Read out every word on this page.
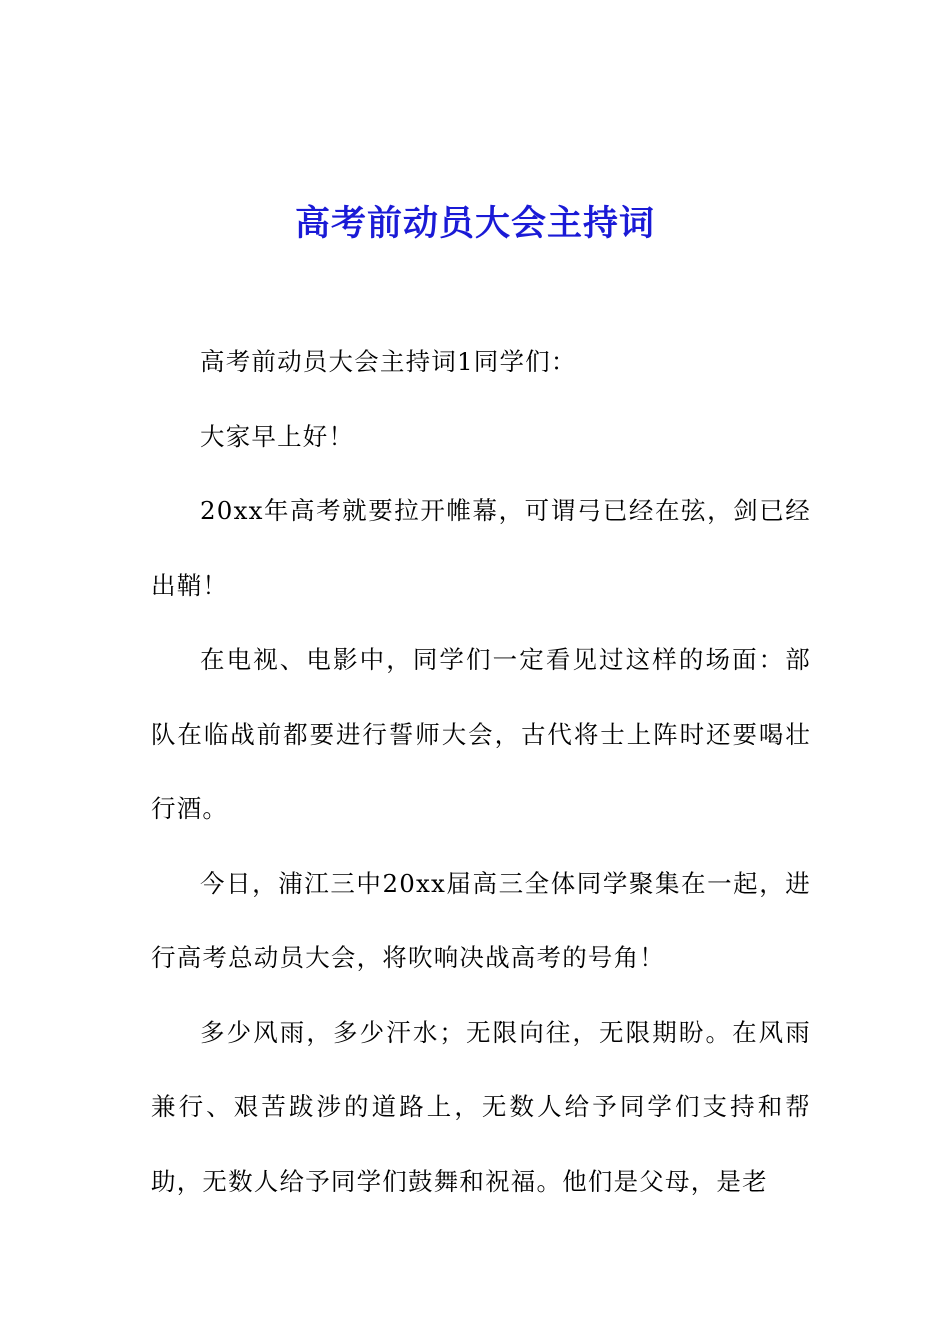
高考前动员大会主持词

高考前动员大会主持词1同学们：

大家早上好！

20xx年高考就要拉开帷幕，可谓弓已经在弦，剑已经出鞘！

在电视、电影中，同学们一定看见过这样的场面：部队在临战前都要进行誓师大会，古代将士上阵时还要喝壮行酒。

今日，浦江三中20xx届高三全体同学聚集在一起，进行高考总动员大会，将吹响决战高考的号角！

多少风雨，多少汗水；无限向往，无限期盼。在风雨兼行、艰苦跋涉的道路上，无数人给予同学们支持和帮助，无数人给予同学们鼓舞和祝福。他们是父母，是老
